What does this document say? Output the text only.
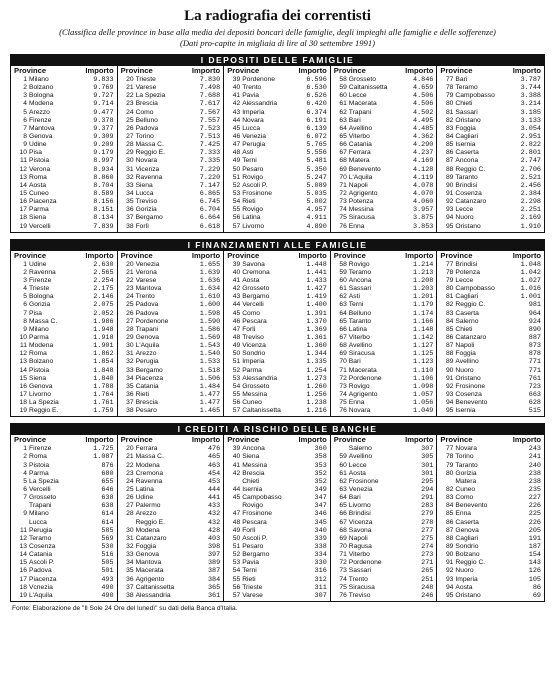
La radiografia dei correntisti
(Classifica delle province in base alla media dei depositi boncari delle famiglie, degli impieghi alle famiglie e delle sofferenze)
(Dati pro-capite in migliaia di lire al 30 settembre 1991)
I DEPOSITI DELLE FAMIGLIE
Province	Importo
1 Milano	9.833
2 Bolzano	9.769
3 Bologna	9.727
4 Modena	9.714
5 Arezzo	9.477
6 Firenze	9.378
7 Mantova	9.377
8 Genova	9.309
9 Udine	9.209
10 Pisa	9.179
11 Pistoia	8.997
12 Verona	8.934
13 Roma	8.860
14 Aosta	8.704
15 Cuneo	8.589
16 Piacenza	8.156
17 Parma	8.151
18 Siena	8.134
19 Vercelli	7.839
Province	Importo
20 Trieste	7.830
21 Varese	7.498
22 La Spezia	7.688
23 Brescia	7.617
24 Como	7.567
25 Belluno	7.557
26 Padova	7.523
27 Torino	7.513
28 Massa C.	7.425
29 Reggio E.	7.333
30 Novara	7.335
31 Vicenza	7.229
32 Ravenna	7.220
33 Siena	7.147
34 Lucca	6.865
35 Treviso	6.745
36 Gorizia	6.704
37 Bergamo	6.664
38 Forlì	6.618
Province	Importo
39 Pordenone	6.596
40 Trento	6.530
41 Pavia	6.526
42 Alessandria	6.420
43 Imperia	6.374
44 Novara	6.191
45 Lucca	6.139
46 Venezia	6.072
47 Perugia	5.765
48 Asti	5.556
49 Terni	5.481
50 Pesaro	5.350
51 Rovigo	5.247
52 Ascoli P.	5.089
53 Frosinone	5.035
54 Rieti	5.002
55 Rovigo	4.957
56 Latina	4.911
57 Livorno	4.890
Province	Importo
58 Grosseto	4.846
59 Caltanissetta	4.659
60 Lecce	4.506
61 Macerata	4.506
62 Trapani	4.502
63 Bari	4.495
64 Avellino	4.485
65 Viterbo	4.362
66 Catania	4.290
67 Ferrara	4.237
68 Matera	4.169
69 Benevento	4.128
70 L'Aquila	4.119
71 Napoli	4.078
72 Agrigento	4.070
73 Potenza	4.060
74 Messina	3.957
75 Siracusa	3.875
76 Enna	3.853
Province	Importo
77 Bari	3.787
78 Teramo	3.744
79 Campobasso	3.388
80 Chieti	3.214
81 Sassari	3.185
82 Oristano	3.133
83 Foggia	3.054
84 Cagliari	2.951
85 Isernia	2.822
86 Caserta	2.801
87 Ancona	2.747
88 Reggio C.	2.706
89 Taranto	2.521
90 Brindisi	2.456
91 Cosenza	2.384
92 Catanzaro	2.298
93 Lecce	2.251
94 Nuoro	2.169
95 Oristano	1.910
I FINANZIAMENTI ALLE FAMIGLIE
Province	Importo
1 Udine	2.630
2 Ravenna	2.565
3 Firenze	2.254
4 Trieste	2.175
5 Bologna	2.146
6 Gorizia	2.075
7 Pisa	2.052
8 Massa C.	1.986
9 Milano	1.948
10 Parma	1.918
11 Modena	1.901
12 Roma	1.862
13 Bolzano	1.854
14 Pistoia	1.848
15 Siena	1.840
16 Genova	1.788
17 Livorno	1.764
18 La Spezia	1.761
19 Reggio E.	1.759
Province	Importo
20 Venezia	1.655
21 Verona	1.639
22 Varese	1.636
23 Mantova	1.634
24 Trento	1.610
25 Padova	1.600
26 Padova	1.598
27 Pordenone	1.590
28 Trapani	1.586
29 Genova	1.569
30 L'Aquila	1.543
31 Arezzo	1.540
32 Perugia	1.533
33 Bergamo	1.518
34 Piacenza	1.506
35 Catania	1.484
36 Rieti	1.477
37 Brescia	1.477
38 Pesaro	1.465
Province	Importo
39 Savona	1.448
40 Cremona	1.441
41 Aosta	1.433
42 Grosseto	1.427
43 Bergamo	1.419
44 Vercelli	1.400
45 Como	1.391
46 Pescara	1.370
47 Forlì	1.369
48 Treviso	1.361
49 Vicenza	1.360
50 Sondrio	1.344
51 Imperia	1.335
52 Parma	1.254
53 Alessandria	1.273
54 Grosseto	1.260
55 Messina	1.256
56 Cuneo	1.238
57 Caltanissetta	1.216
Province	Importo
58 Rovigo	1.214
59 Teramo	1.213
60 Ancona	1.208
61 Sassari	1.203
62 Asti	1.201
63 Terni	1.179
64 Belluno	1.174
65 Taranto	1.166
66 Latina	1.148
67 Viterbo	1.142
68 Avellino	1.127
69 Siracusa	1.125
70 Bari	1.123
71 Macerata	1.110
72 Pordenone	1.106
73 Rovigo	1.098
74 Agrigento	1.057
75 Enna	1.056
76 Novara	1.049
Province	Importo
77 Brindisi	1.048
78 Potenza	1.042
79 Lecce	1.027
80 Campobasso	1.016
81 Cagliari	1.001
82 Reggio C.	981
83 Caserta	964
84 Salerno	924
85 Chieti	890
86 Catanzaro	887
87 Napoli	873
88 Foggia	878
89 Avellino	771
90 Nuoro	771
91 Oristano	761
92 Frosinone	723
93 Cosenza	663
94 Benevento	628
95 Isernia	515
I CREDITI A RISCHIO DELLE BANCHE
Province	Importo
1 Firenze	1.725
2 Roma	1.087
3 Pistoia	876
4 Parma	680
5 La Spezia	655
6 Vercelli	646
7 Grosseto	638
Trapani	638
9 Milano	614
Lucca	614
11 Perugia	585
12 Teramo	569
13 Cosenza	530
14 Catania	516
15 Ascoli P.	505
16 Padova	501
17 Piacenza	493
18 Vcnezia	490
19 L'Aquila	490
Province	Importo
20 Ferrara	476
21 Massa C.	465
22 Modena	463
23 Cremona	454
24 Ravenna	453
25 Latina	444
26 Udine	441
27 Palermo	433
28 Arezzo	432
Reggio E.	432
30 Modena	428
31 Catanzaro	403
32 Foggia	398
33 Genova	397
34 Mantova	389
35 Macerata	387
36 Agrigento	384
37 Caltanissetta	365
38 Alessandria	361
Province	Importo
39 Ancona	360
40 Siena	358
41 Messina	353
42 Brescia	352
Chieti	352
44 Isernia	349
45 Campobasso	347
Rovigo	347
47 Frosinone	346
48 Pescara	345
49 Forlì	340
50 Ascoli P.	339
51 Pesaro	338
52 Bergamo	334
53 Pavia	330
54 Terni	316
55 Rieti	312
56 Trieste	311
57 Varese	307
Province	Importo
Salerno	307
59 Avellino	305
60 Lecce	301
61 Aosta	301
62 Frosinone	295
63 Venezia	294
64 Bari	291
65 Livorno	283
66 Brindisi	279
67 Vicenza	278
68 Savona	277
69 Napoli	275
70 Ragusa	274
71 Viterbo	273
72 Pordenone	271
73 Sassari	265
74 Trento	251
75 Siracusa	248
76 Treviso	246
Province	Importo
77 Novara	243
78 Torino	241
79 Taranto	240
80 Gorizia	238
Matera	238
82 Cuneo	235
83 Como	227
84 Benevento	226
85 Enna	225
86 Caserta	226
87 Genova	205
88 Cagliari	191
89 Sondrio	187
90 Bolzano	154
91 Reggio C.	143
92 Nuoro	126
93 Imperia	105
94 Aosta	86
95 Oristano	69
Fonte: Elaborazione de "Il Sole 24 Ore del lunedì" su dati della Banca d'Italia.
